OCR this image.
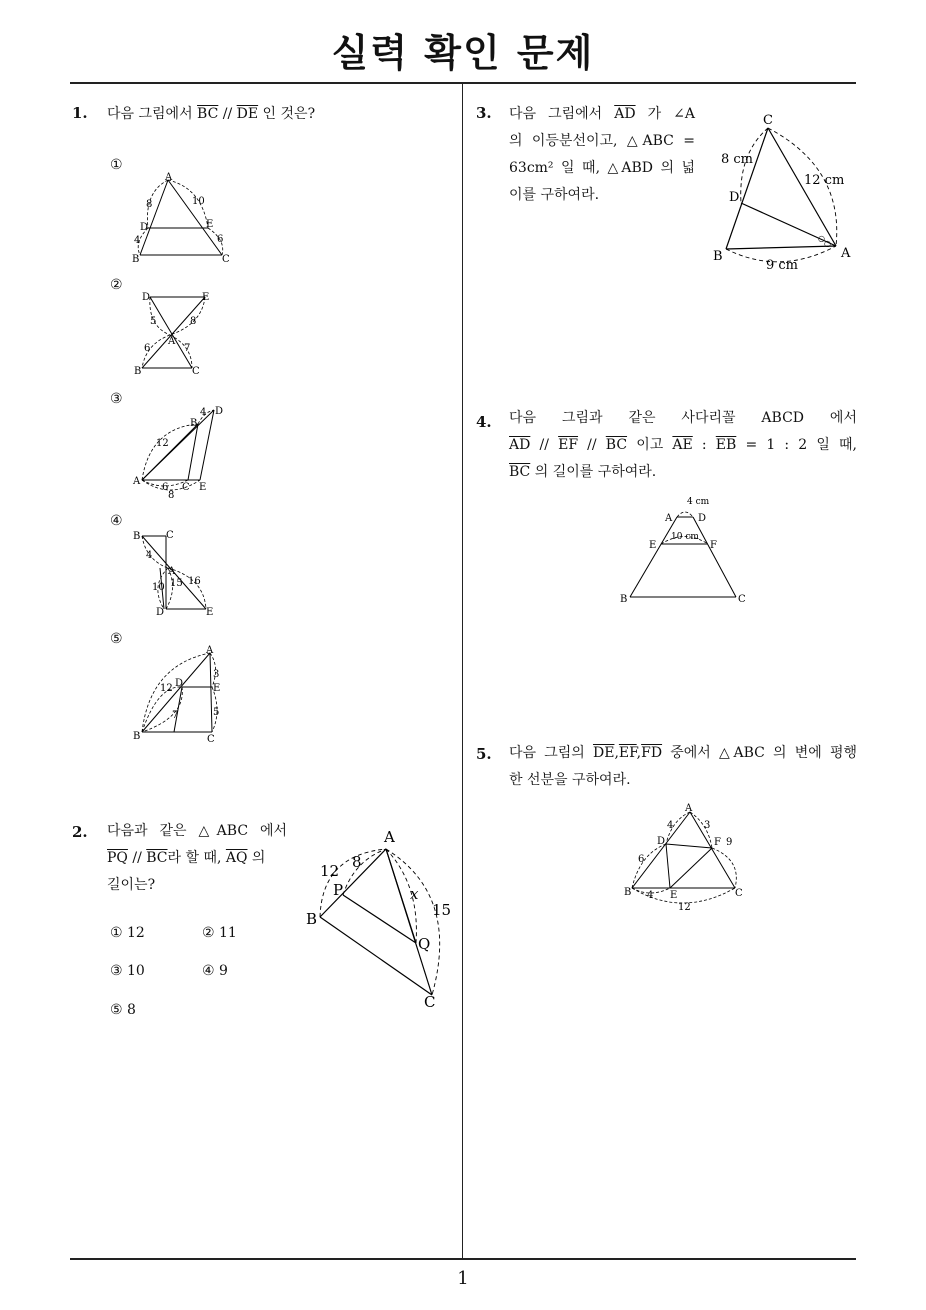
실력 확인 문제
1
1. 다음 그림에서 $\overline{BC} // \overline{DE}$ 인 것은?
①
②
③
④
⑤
A
B	C
D	E
8	10
4	6
A
B	C
D	E
5	8
6	7
A
B
C
D
E
12
4
6
8
A
B	C
D	E
4
10 15 16
A
B	C
D	E
12
3
7	5
2. 다음과 같은 △ABC 에서
$\overline{PQ} // \overline{BC}$라 할 때, $\overline{AQ}$ 의
길이는?
① 12	② 11
③ 10	④ 9
⑤ 8
A
B
C
P
Q
12 8
x
15
3. 다음 그림에서 $\overline{AD}$ 가 ∠A
의 이등분선이고, △ABC =
63cm² 일 때, △ABD 의 넓
이를 구하여라.
A
B
C
D
8 cm
12 cm
9 cm
○
○
4. 다음 그림과 같은 사다리꼴 ABCD 에서
$\overline{AD} // \overline{EF} // \overline{BC}$ 이고 $\overline{AE}$ : $\overline{EB} = 1$ : 2 일 때,
$\overline{BC}$ 의 길이를 구하여라.
A	D
E	F
B	C
4 cm
10 cm
5. 다음 그림의 $\overline{DE},\overline{EF},\overline{FD}$ 중에서 △ABC 의 변에 평행
한 선분을 구하여라.
A
B	C
D
E
F
4	3
9
6
4
12
